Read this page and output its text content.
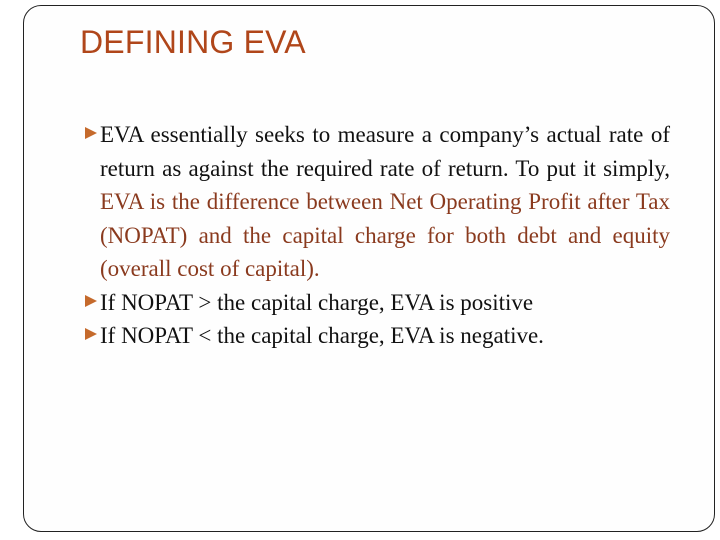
DEFINING EVA
EVA essentially seeks to measure a company’s actual rate of return as against the required rate of return. To put it simply, EVA is the difference between Net Operating Profit after Tax (NOPAT) and the capital charge for both debt and equity (overall cost of capital).
If NOPAT > the capital charge, EVA is positive
If NOPAT < the capital charge, EVA is negative.
